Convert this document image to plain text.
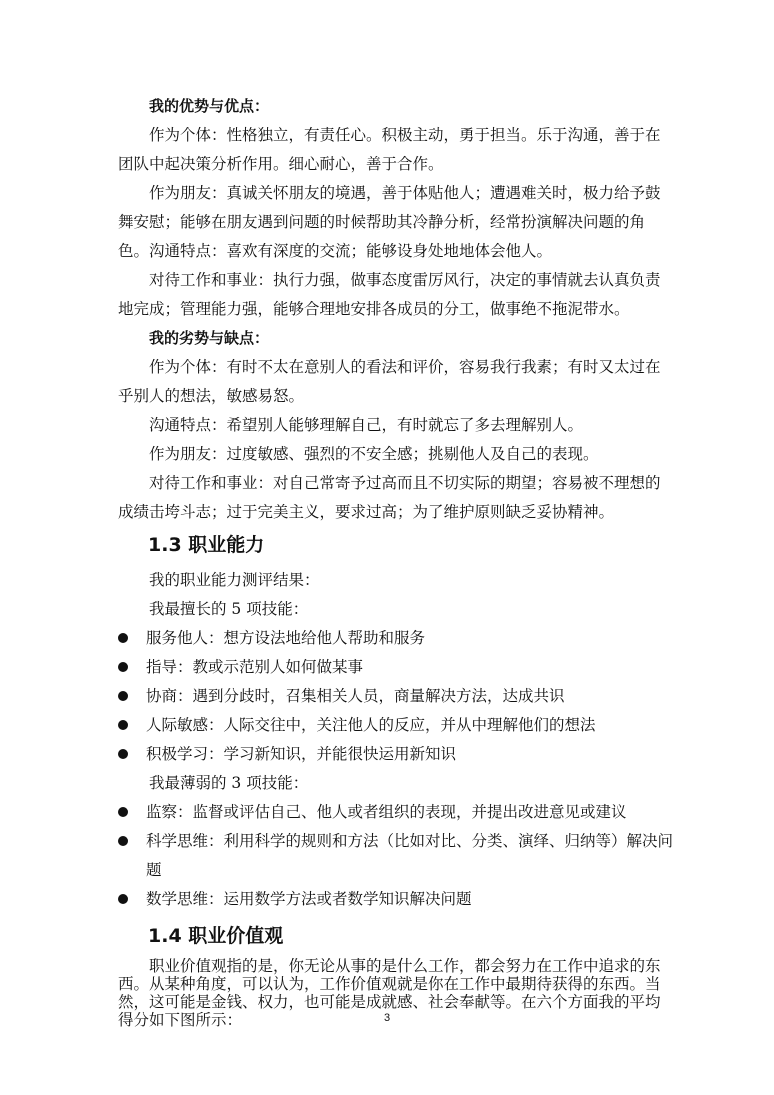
我的优势与优点：

作为个体：性格独立，有责任心。积极主动，勇于担当。乐于沟通，善于在团队中起决策分析作用。细心耐心，善于合作。

作为朋友：真诚关怀朋友的境遇，善于体贴他人；遭遇难关时，极力给予鼓舞安慰；能够在朋友遇到问题的时候帮助其冷静分析，经常扮演解决问题的角色。 沟通特点：喜欢有深度的交流；能够设身处地地体会他人。

对待工作和事业：执行力强，做事态度雷厉风行，决定的事情就去认真负责地完成；管理能力强，能够合理地安排各成员的分工，做事绝不拖泥带水。

我的劣势与缺点：

作为个体：有时不太在意别人的看法和评价，容易我行我素；有时又太过在乎别人的想法，敏感易怒。

沟通特点：希望别人能够理解自己，有时就忘了多去理解别人。

作为朋友：过度敏感、强烈的不安全感；挑剔他人及自己的表现。

对待工作和事业：对自己常寄予过高而且不切实际的期望；容易被不理想的成绩击垮斗志；过于完美主义，要求过高；为了维护原则缺乏妥协精神。

1.3 职业能力

我的职业能力测评结果：

我最擅长的 5 项技能：

服务他人：想方设法地给他人帮助和服务
指导：教或示范别人如何做某事
协商：遇到分歧时，召集相关人员，商量解决方法，达成共识
人际敏感：人际交往中，关注他人的反应，并从中理解他们的想法
积极学习：学习新知识，并能很快运用新知识

我最薄弱的 3 项技能：

监察：监督或评估自己、他人或者组织的表现，并提出改进意见或建议
科学思维：利用科学的规则和方法（比如对比、分类、演绎、归纳等）解决问题
数学思维：运用数学方法或者数学知识解决问题
1.4 职业价值观

职业价值观指的是，你无论从事的是什么工作，都会努力在工作中追求的东西。从某种角度，可以认为，工作价值观就是你在工作中最期待获得的东西。当然，这可能是金钱、权力，也可能是成就感、社会奉献等。在六个方面我的平均得分如下图所示：	3
